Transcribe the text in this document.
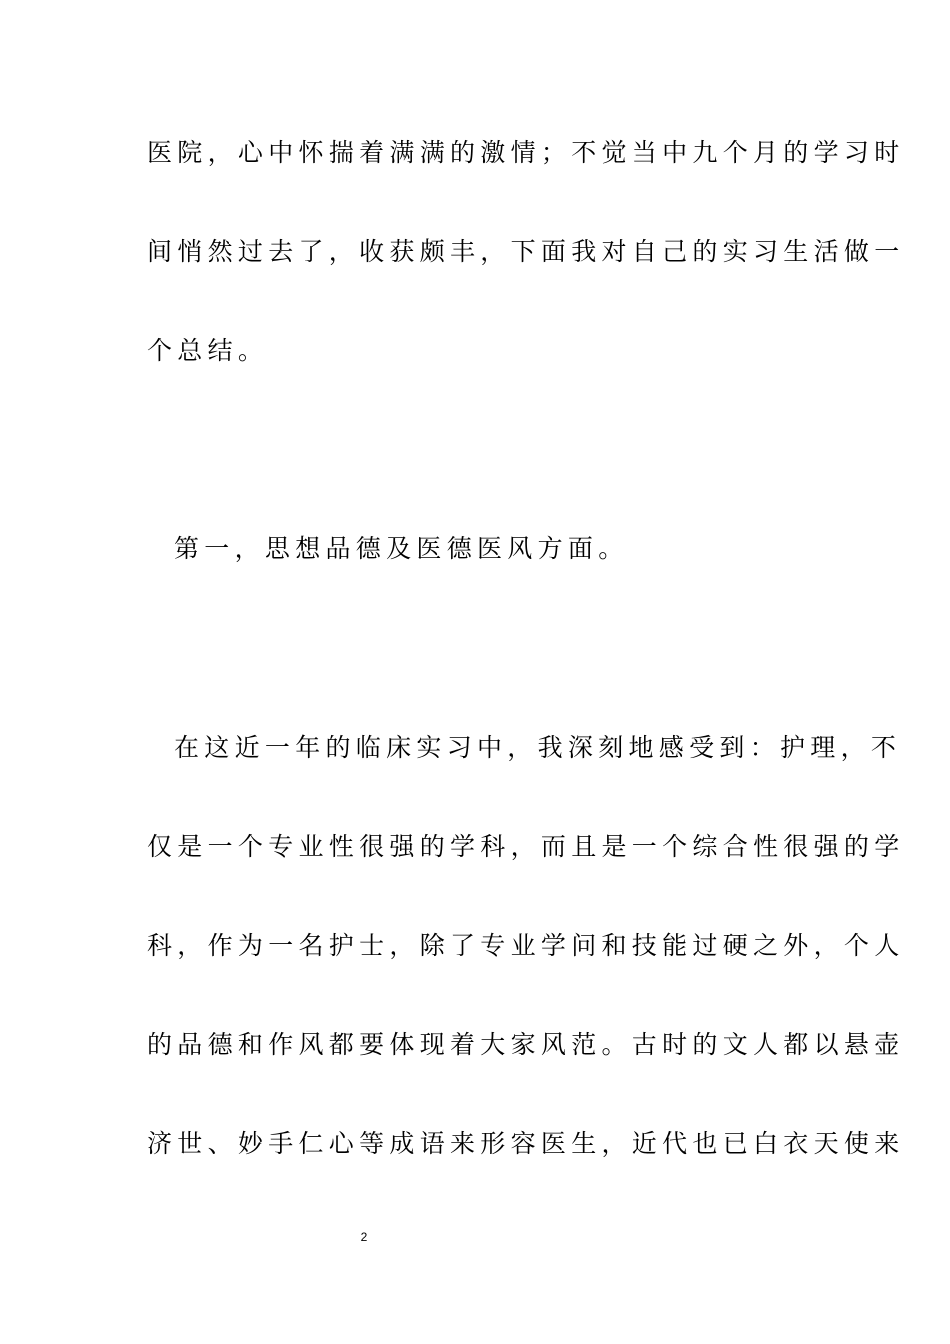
医院，心中怀揣着满满的激情；不觉当中九个月的学习时
间悄然过去了，收获颇丰，下面我对自己的实习生活做一
个总结。
第一，思想品德及医德医风方面。
在这近一年的临床实习中，我深刻地感受到：护理，不
仅是一个专业性很强的学科，而且是一个综合性很强的学
科，作为一名护士，除了专业学问和技能过硬之外，个人
的品德和作风都要体现着大家风范。古时的文人都以悬壶
济世、妙手仁心等成语来形容医生，近代也已白衣天使来
2
